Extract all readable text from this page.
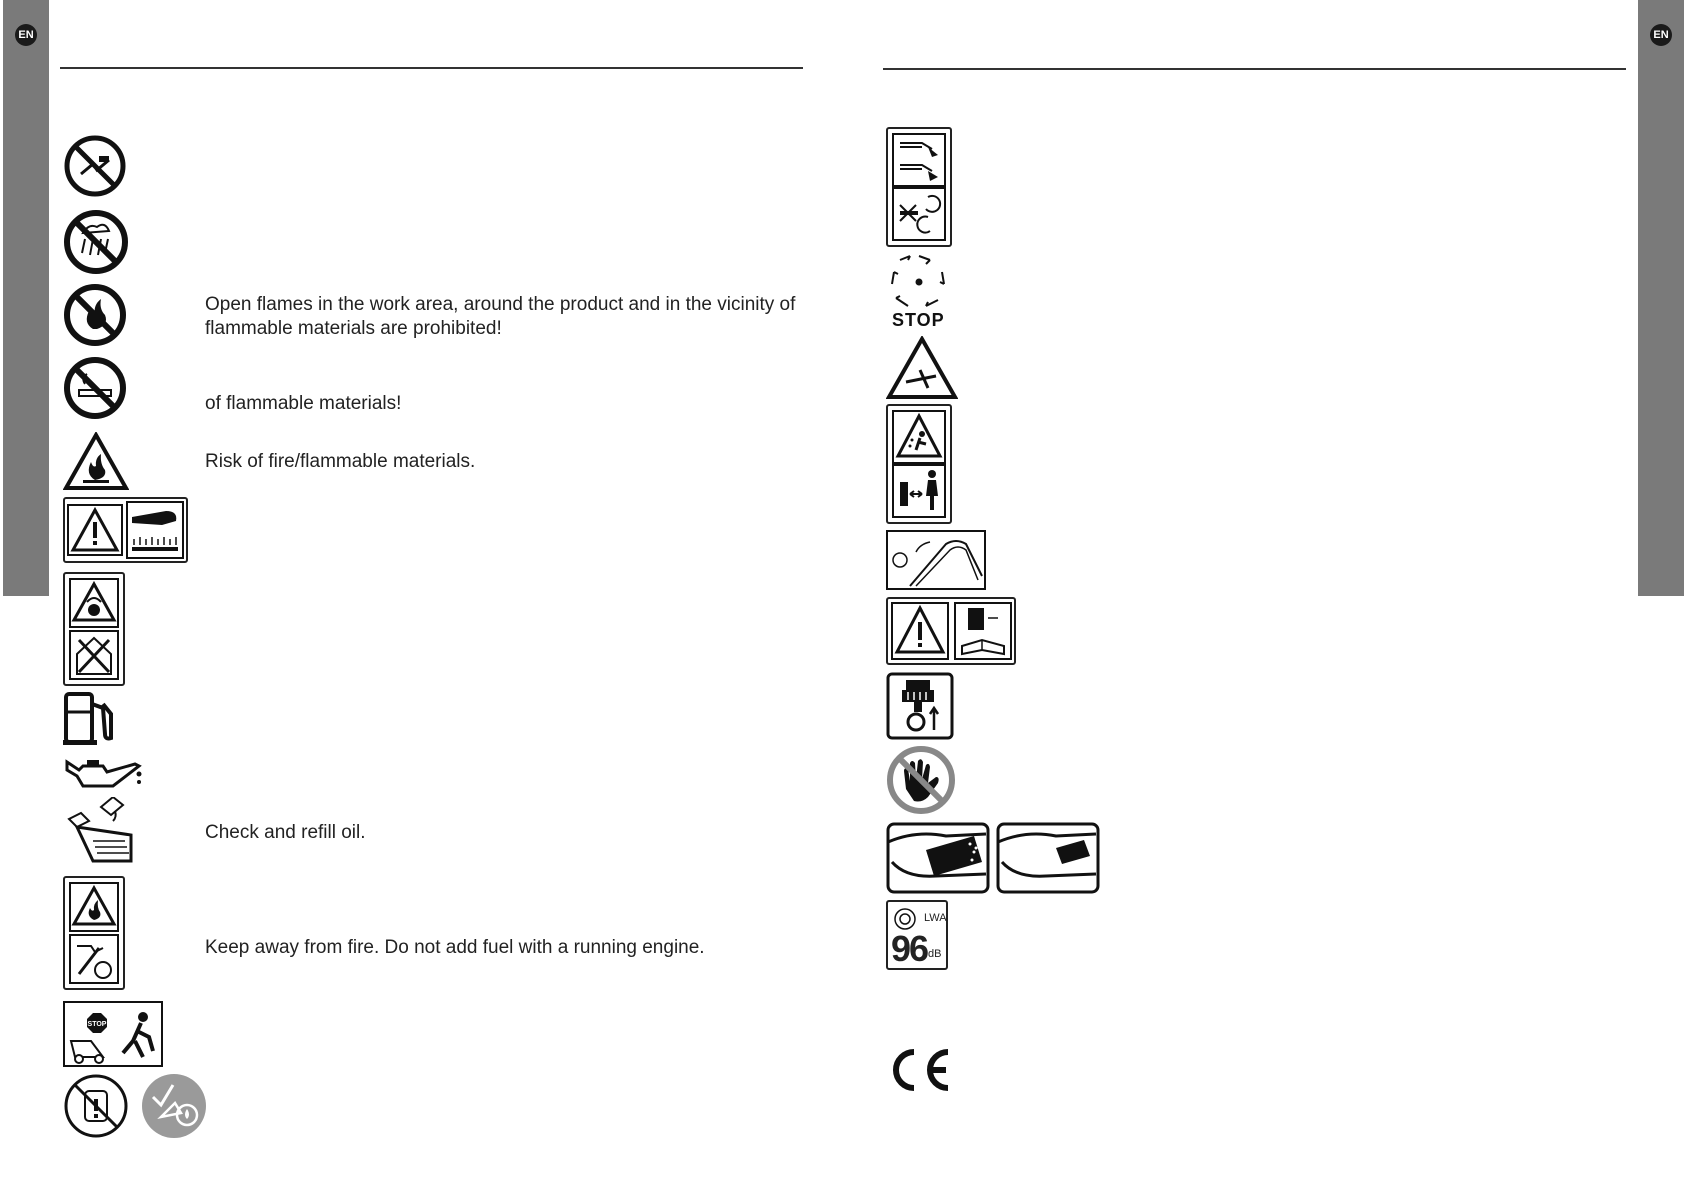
EN	EN
Open flames in the work area, around the product and in the vicinity of flammable materials are prohibited!
of flammable materials!
Risk of fire/flammable materials.
Check and refill oil.
Keep away from fire. Do not add fuel with a running engine.
STOP
STOP
LWA
96 dB
